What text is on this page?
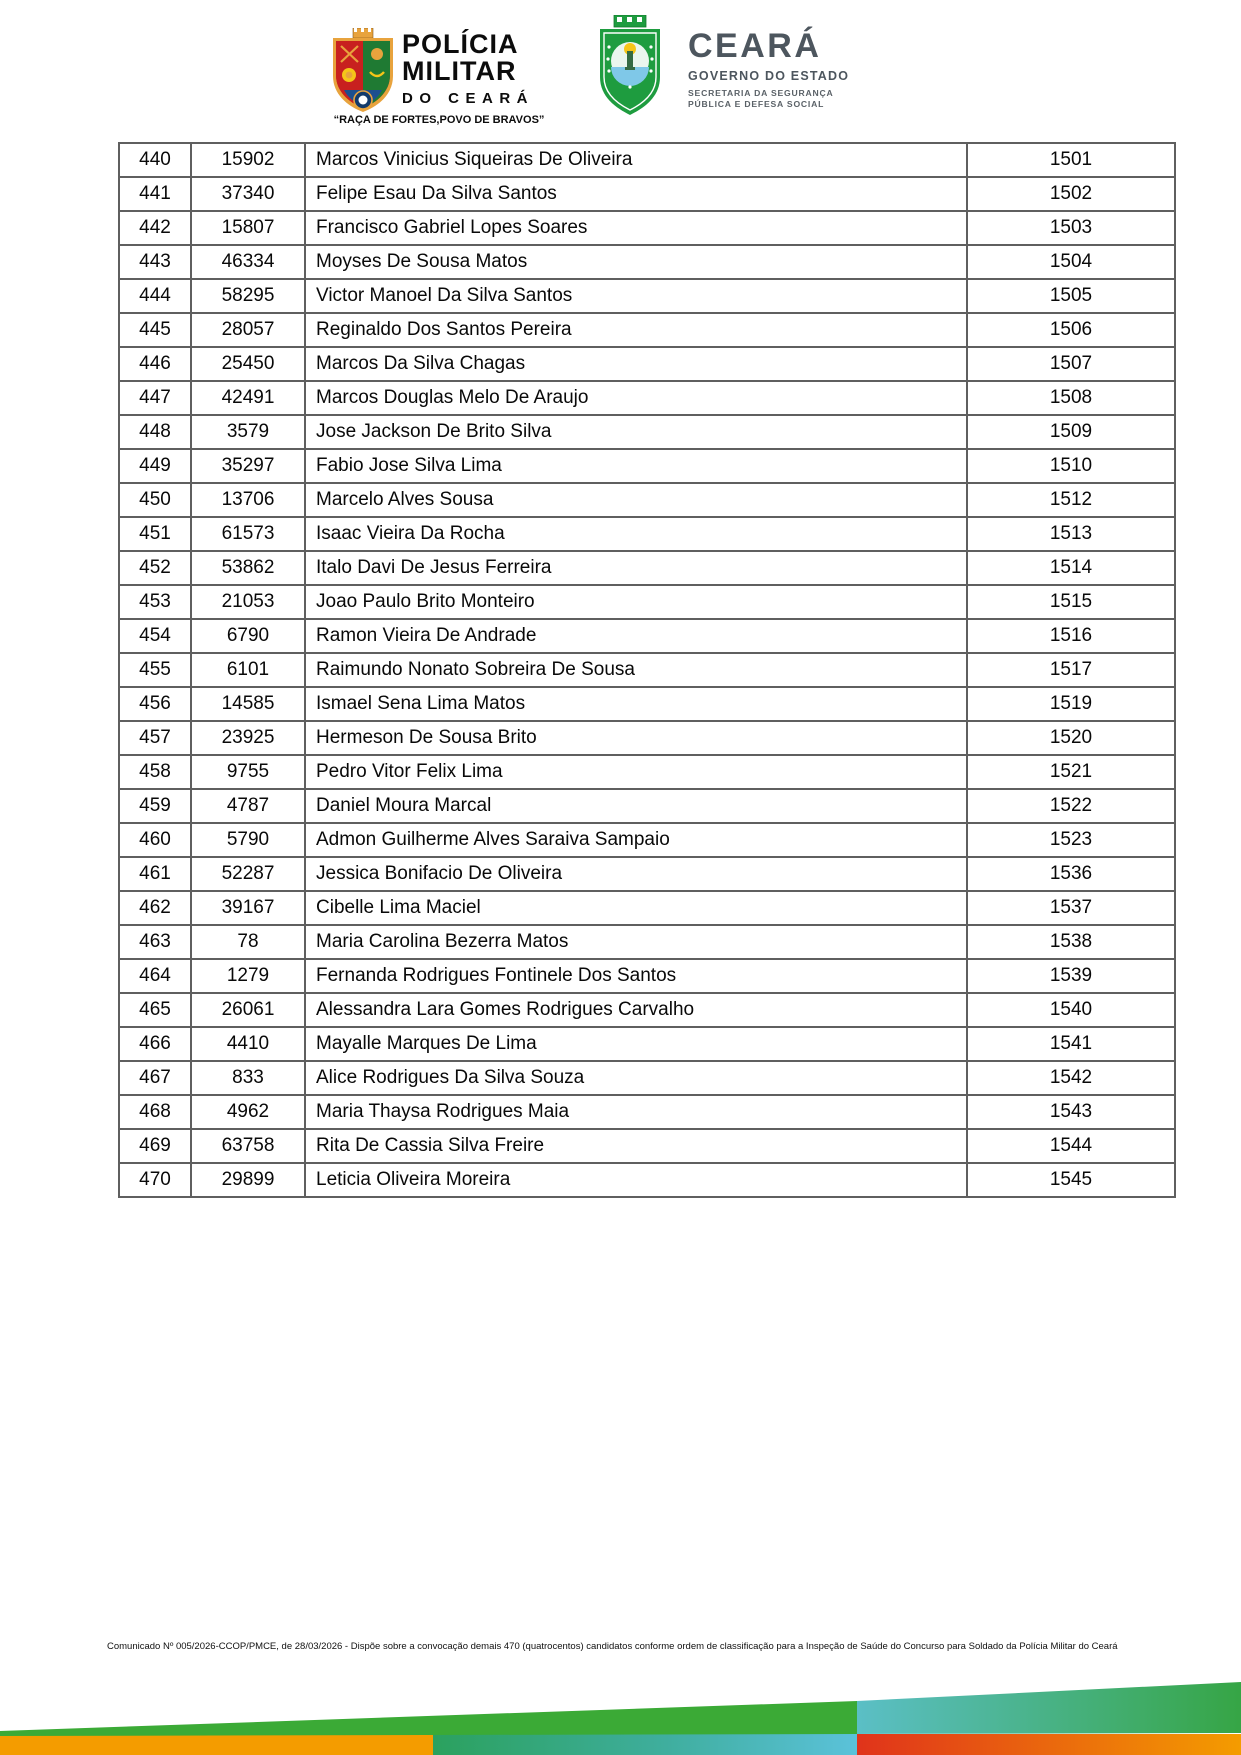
POLÍCIA
MILITAR
DO CEARÁ
“RAÇA DE FORTES,POVO DE BRAVOS”
CEARÁ
GOVERNO DO ESTADO
SECRETARIA DA SEGURANÇA
PÚBLICA E DEFESA SOCIAL
440	15902	Marcos Vinicius Siqueiras De Oliveira	1501
441	37340	Felipe Esau Da Silva Santos	1502
442	15807	Francisco Gabriel Lopes Soares	1503
443	46334	Moyses De Sousa Matos	1504
444	58295	Victor Manoel Da Silva Santos	1505
445	28057	Reginaldo Dos Santos Pereira	1506
446	25450	Marcos Da Silva Chagas	1507
447	42491	Marcos Douglas Melo De Araujo	1508
448	3579	Jose Jackson De Brito Silva	1509
449	35297	Fabio Jose Silva Lima	1510
450	13706	Marcelo Alves Sousa	1512
451	61573	Isaac Vieira Da Rocha	1513
452	53862	Italo Davi De Jesus Ferreira	1514
453	21053	Joao Paulo Brito Monteiro	1515
454	6790	Ramon Vieira De Andrade	1516
455	6101	Raimundo Nonato Sobreira De Sousa	1517
456	14585	Ismael Sena Lima Matos	1519
457	23925	Hermeson De Sousa Brito	1520
458	9755	Pedro Vitor Felix Lima	1521
459	4787	Daniel Moura Marcal	1522
460	5790	Admon Guilherme Alves Saraiva Sampaio	1523
461	52287	Jessica Bonifacio De Oliveira	1536
462	39167	Cibelle Lima Maciel	1537
463	78	Maria Carolina Bezerra Matos	1538
464	1279	Fernanda Rodrigues Fontinele Dos Santos	1539
465	26061	Alessandra Lara Gomes Rodrigues Carvalho	1540
466	4410	Mayalle Marques De Lima	1541
467	833	Alice Rodrigues Da Silva Souza	1542
468	4962	Maria Thaysa Rodrigues Maia	1543
469	63758	Rita De Cassia Silva Freire	1544
470	29899	Leticia Oliveira Moreira	1545
Comunicado Nº 005/2026-CCOP/PMCE, de 28/03/2026 - Dispõe sobre a convocação demais 470 (quatrocentos) candidatos conforme ordem de classificação para a Inspeção de Saúde do Concurso para Soldado da Polícia Militar do Ceará
